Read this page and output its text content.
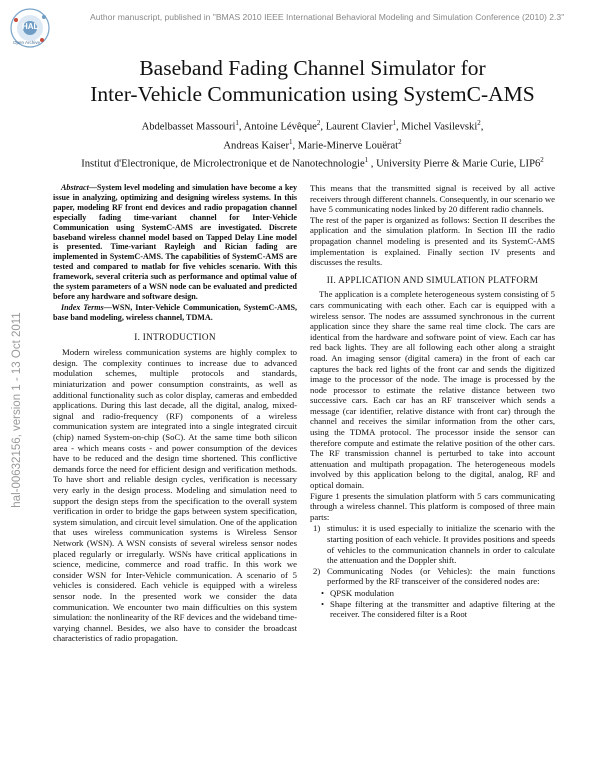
HAL
Open Archive
Author manuscript, published in "BMAS 2010 IEEE International Behavioral Modeling and Simulation Conference (2010) 2.3"
hal-00632156, version 1 - 13 Oct 2011
Baseband Fading Channel Simulator for
Inter-Vehicle Communication using SystemC-AMS
Abdelbasset Massouri$^1$, Antoine Lévêque$^2$, Laurent Clavier$^1$, Michel Vasilevski$^2$,
Andreas Kaiser$^1$, Marie-Minerve Louërat$^2$
Institut d'Electronique, de Microlectronique et de Nanotechnologie$^1$ , University Pierre & Marie Curie, $LIP6^2$

Abstract—System level modeling and simulation have become a key issue in analyzing, optimizing and designing wireless systems. In this paper, modeling RF front end devices and radio propagation channel especially fading time-variant channel for Inter-Vehicle Communication using SystemC-AMS are investigated. Discrete baseband wireless channel model based on Tapped Delay Line model is presented. Time-variant Rayleigh and Rician fading are implemented in SystemC-AMS. The capabilities of SystemC-AMS are tested and compared to matlab for five vehicles scenario. With this framework, several criteria such as performance and optimal value of the system parameters of a WSN node can be evaluated and predicted before any hardware and software design.

Index Terms—WSN, Inter-Vehicle Communication, SystemC-AMS, base band modeling, wireless channel, TDMA.

I. INTRODUCTION

Modern wireless communication systems are highly complex to design. The complexity continues to increase due to advanced modulation schemes, multiple protocols and standards, miniaturization and power consumption constraints, as well as additional functionality such as color display, cameras and embedded applications. During this last decade, all the digital, analog, mixed-signal and radio-frequency (RF) components of a wireless communication system are integrated into a single integrated circuit (chip) named System-on-chip (SoC). At the same time both silicon area - which means costs - and power consumption of the devices have to be reduced and the design time shortened. This conflictive demands force the need for efficient design and verification methods. To have short and reliable design cycles, verification is necessary very early in the design process. Modeling and simulation need to support the design steps from the specification to the overall system verification in order to bridge the gaps between system specification, system simulation, and circuit level simulation. One of the application that uses wireless communication systems is Wireless Sensor Network (WSN). A WSN consists of several wireless sensor nodes placed regularly or irregularly. WSNs have critical applications in science, medicine, commerce and road traffic. In this work we consider WSN for Inter-Vehicle communication. A scenario of 5 vehicles is considered. Each vehicle is equipped with a wireless sensor node. In the presented work we consider the data communication. We encounter two main difficulties on this system simulation: the nonlinearity of the RF devices and the wideband time-varying channel. Besides, we also have to consider the broadcast characteristics of radio propagation.

This means that the transmitted signal is received by all active receivers through different channels. Consequently, in our scenario we have 5 communicating nodes linked by 20 different radio channels.

The rest of the paper is organized as follows: Section II describes the application and the simulation platform. In Section III the radio propagation channel modeling is presented and its SystemC-AMS implementation is explained. Finally section IV presents and discusses the results.

II. APPLICATION AND SIMULATION PLATFORM

The application is a complete heterogeneous system consisting of 5 cars communicating with each other. Each car is equipped with a wireless sensor. The nodes are asssumed synchronous in the current application since they share the same real time clock. The cars are identical from the hardware and software point of view. Each car has red back lights. They are all following each other along a straight road. An imaging sensor (digital camera) in the front of each car captures the back red lights of the front car and sends the digitized image to the processor of the node. The image is processed by the node processor to estimate the relative distance between two successive cars. Each car has an RF transceiver which sends a message (car identifier, relative distance with front car) through the channel and receives the similar information from the other cars, using the TDMA protocol. The processor inside the sensor can therefore compute and estimate the relative position of the other cars. The RF transmission channel is perturbed to take into account attenuation and multipath propagation. The heterogeneous models involved by this application belong to the digital, analog, RF and optical domain.

Figure 1 presents the simulation platform with 5 cars communicating through a wireless channel. This platform is composed of three main parts:

1) stimulus: it is used especially to initialize the scenario with the starting position of each vehicle. It provides positions and speeds of vehicles to the communication channels in order to calculate the attenuation and the Doppler shift.
2) Communicating Nodes (or Vehicles): the main functions performed by the RF transceiver of the considered nodes are:
• QPSK modulation
• Shape filtering at the transmitter and adaptive filtering at the receiver. The considered filter is a Root
